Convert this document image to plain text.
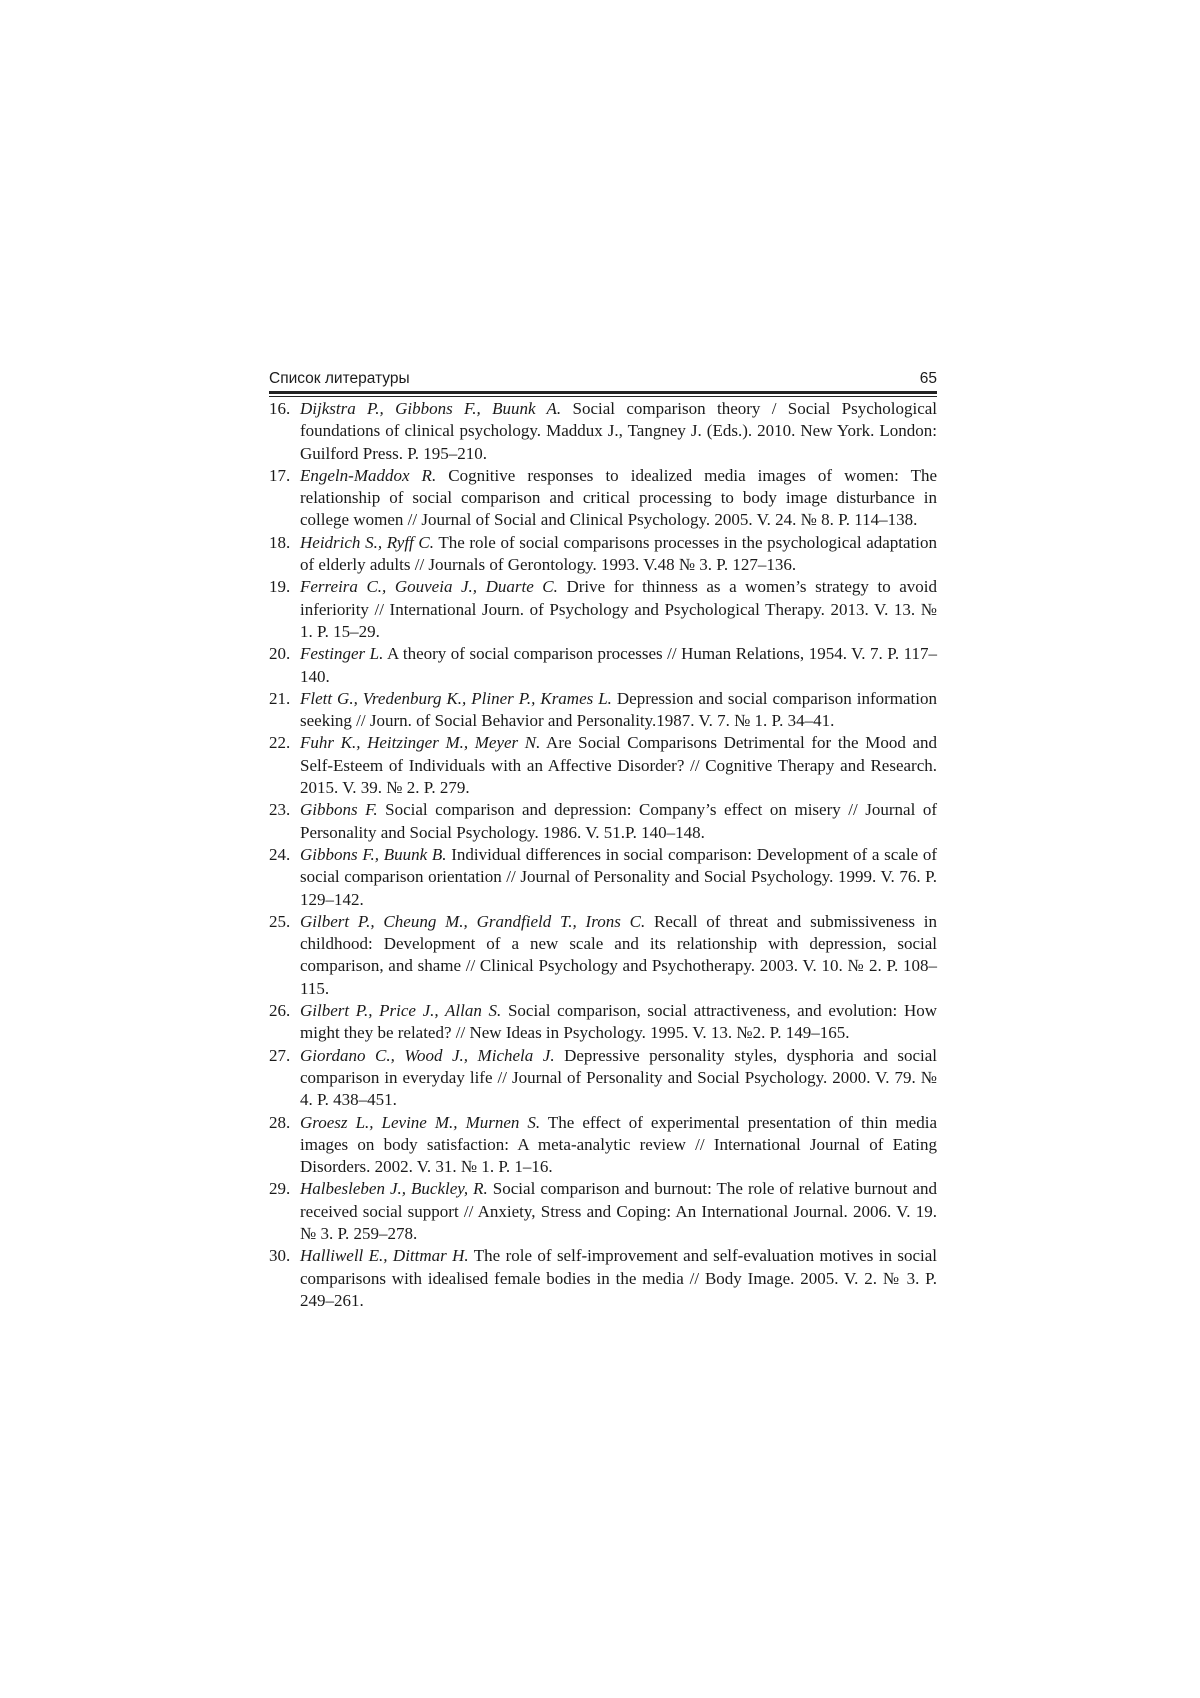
Список литературы	65
16. Dijkstra P., Gibbons F., Buunk A. Social comparison theory / Social Psychological foundations of clinical psychology. Maddux J., Tangney J. (Eds.). 2010. New York. London: Guilford Press. P. 195–210.
17. Engeln-Maddox R. Cognitive responses to idealized media images of women: The relationship of social comparison and critical processing to body image disturbance in college women // Journal of Social and Clinical Psychology. 2005. V. 24. № 8. P. 114–138.
18. Heidrich S., Ryff C. The role of social comparisons processes in the psychological adaptation of elderly adults // Journals of Gerontology. 1993. V.48 № 3. P. 127–136.
19. Ferreira C., Gouveia J., Duarte C. Drive for thinness as a women’s strategy to avoid inferiority // International Journ. of Psychology and Psychological Therapy. 2013. V. 13. № 1. P. 15–29.
20. Festinger L. A theory of social comparison processes // Human Relations, 1954. V. 7. P. 117–140.
21. Flett G., Vredenburg K., Pliner P., Krames L. Depression and social comparison information seeking // Journ. of Social Behavior and Personality.1987. V. 7. № 1. P. 34–41.
22. Fuhr K., Heitzinger M., Meyer N. Are Social Comparisons Detrimental for the Mood and Self-Esteem of Individuals with an Affective Disorder? // Cognitive Therapy and Research. 2015. V. 39. № 2. P. 279.
23. Gibbons F. Social comparison and depression: Company’s effect on misery // Journal of Personality and Social Psychology. 1986. V. 51.P. 140–148.
24. Gibbons F., Buunk B. Individual differences in social comparison: Development of a scale of social comparison orientation // Journal of Personality and Social Psychology. 1999. V. 76. P. 129–142.
25. Gilbert P., Cheung M., Grandfield T., Irons C. Recall of threat and submissiveness in childhood: Development of a new scale and its relationship with depression, social comparison, and shame // Clinical Psychology and Psychotherapy. 2003. V. 10. № 2. P. 108–115.
26. Gilbert P., Price J., Allan S. Social comparison, social attractiveness, and evolution: How might they be related? // New Ideas in Psychology. 1995. V. 13. №2. P. 149–165.
27. Giordano C., Wood J., Michela J. Depressive personality styles, dysphoria and social comparison in everyday life // Journal of Personality and Social Psychology. 2000. V. 79. № 4. P. 438–451.
28. Groesz L., Levine M., Murnen S. The effect of experimental presentation of thin media images on body satisfaction: A meta-analytic review // International Journal of Eating Disorders. 2002. V. 31. № 1. P. 1–16.
29. Halbesleben J., Buckley, R. Social comparison and burnout: The role of relative burnout and received social support // Anxiety, Stress and Coping: An International Journal. 2006. V. 19. № 3. P. 259–278.
30. Halliwell E., Dittmar H. The role of self-improvement and self-evaluation motives in social comparisons with idealised female bodies in the media // Body Image. 2005. V. 2. № 3. P. 249–261.
